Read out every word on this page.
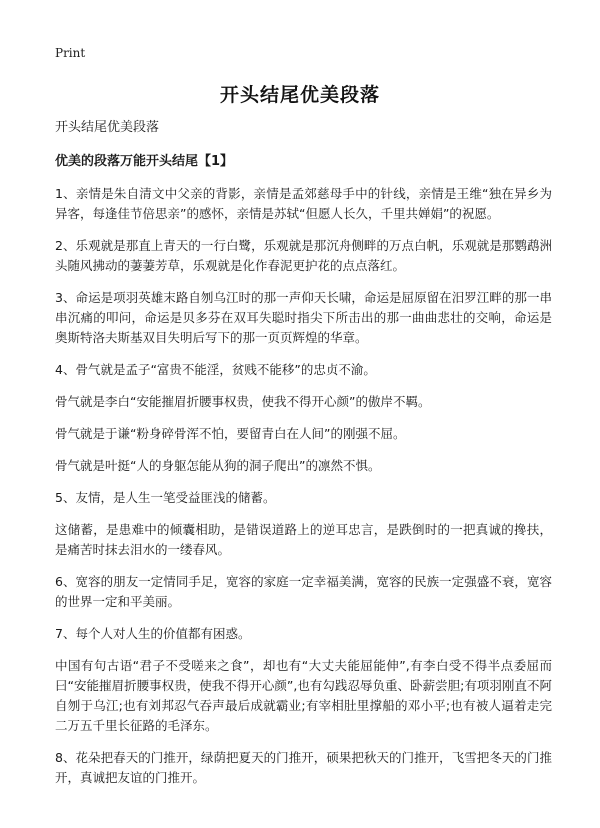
Print
开头结尾优美段落

开头结尾优美段落

优美的段落万能开头结尾【1】

1、亲情是朱自清文中父亲的背影，亲情是孟郊慈母手中的针线，亲情是王维“独在异乡为异客，每逢佳节倍思亲”的感怀，亲情是苏轼“但愿人长久，千里共婵娟”的祝愿。

2、乐观就是那直上青天的一行白鹭，乐观就是那沉舟侧畔的万点白帆，乐观就是那鹦鹉洲头随风拂动的萋萋芳草，乐观就是化作春泥更护花的点点落红。

3、命运是项羽英雄末路自刎乌江时的那一声仰天长啸，命运是屈原留在汨罗江畔的那一串串沉痛的叩问，命运是贝多芬在双耳失聪时指尖下所击出的那一曲曲悲壮的交响，命运是奥斯特洛夫斯基双目失明后写下的那一页页辉煌的华章。

4、骨气就是孟子“富贵不能淫，贫贱不能移”的忠贞不渝。

骨气就是李白“安能摧眉折腰事权贵，使我不得开心颜”的傲岸不羁。

骨气就是于谦“粉身碎骨浑不怕，要留青白在人间”的刚强不屈。

骨气就是叶挺“人的身躯怎能从狗的洞子爬出”的凛然不惧。

5、友情，是人生一笔受益匪浅的储蓄。

这储蓄，是患难中的倾囊相助，是错误道路上的逆耳忠言，是跌倒时的一把真诚的搀扶，是痛苦时抹去泪水的一缕春风。

6、宽容的朋友一定情同手足，宽容的家庭一定幸福美满，宽容的民族一定强盛不衰，宽容的世界一定和平美丽。

7、每个人对人生的价值都有困惑。

中国有句古语“君子不受嗟来之食”，却也有“大丈夫能屈能伸”,有李白受不得半点委屈而曰“安能摧眉折腰事权贵，使我不得开心颜”,也有勾践忍辱负重、卧薪尝胆;有项羽刚直不阿自刎于乌江;也有刘邦忍气吞声最后成就霸业;有宰相肚里撑船的邓小平;也有被人逼着走完二万五千里长征路的毛泽东。

8、花朵把春天的门推开，绿荫把夏天的门推开，硕果把秋天的门推开，飞雪把冬天的门推开，真诚把友谊的门推开。
